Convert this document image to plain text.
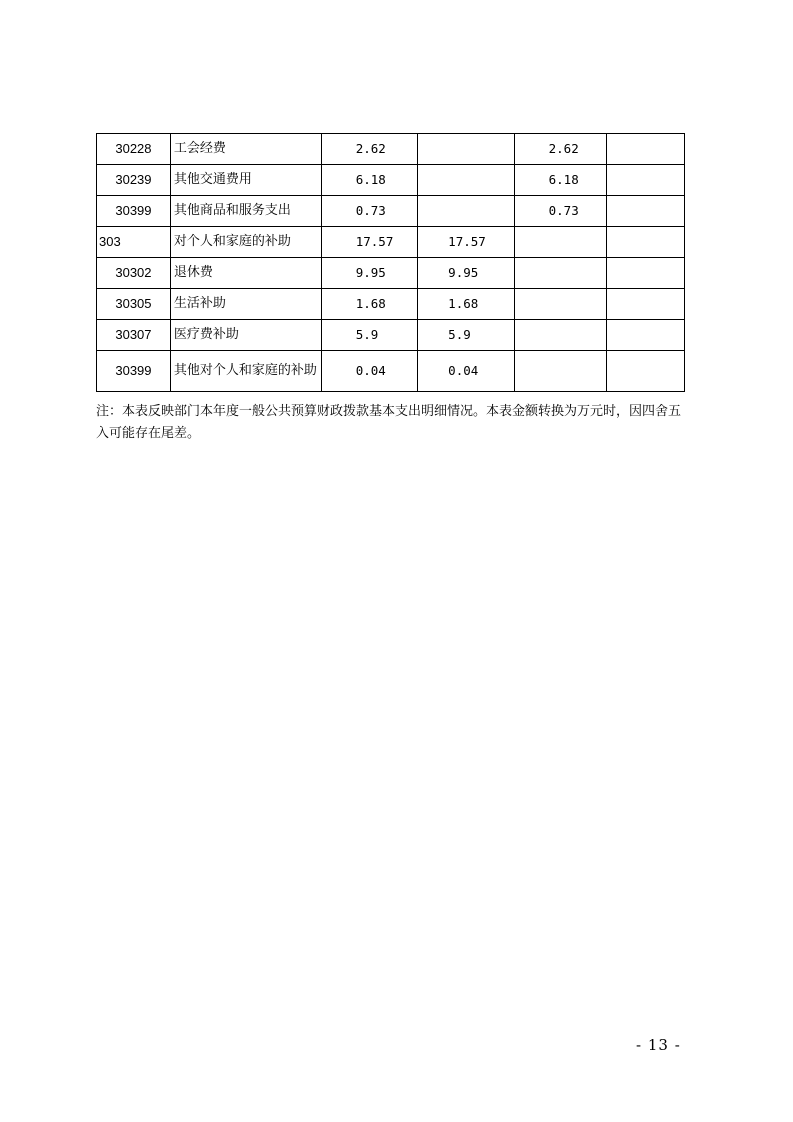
30228	工会经费	2.62		2.62	
30239	其他交通费用	6.18		6.18	
30399	其他商品和服务支出	0.73		0.73	
303	对个人和家庭的补助	17.57	17.57		
30302	退休费	9.95	9.95		
30305	生活补助	1.68	1.68		
30307	医疗费补助	5.9	5.9		
30399	其他对个人和家庭的补助	0.04	0.04		

注：本表反映部门本年度一般公共预算财政拨款基本支出明细情况。本表金额转换为万元时，因四舍五入可能存在尾差。

- 13 -
